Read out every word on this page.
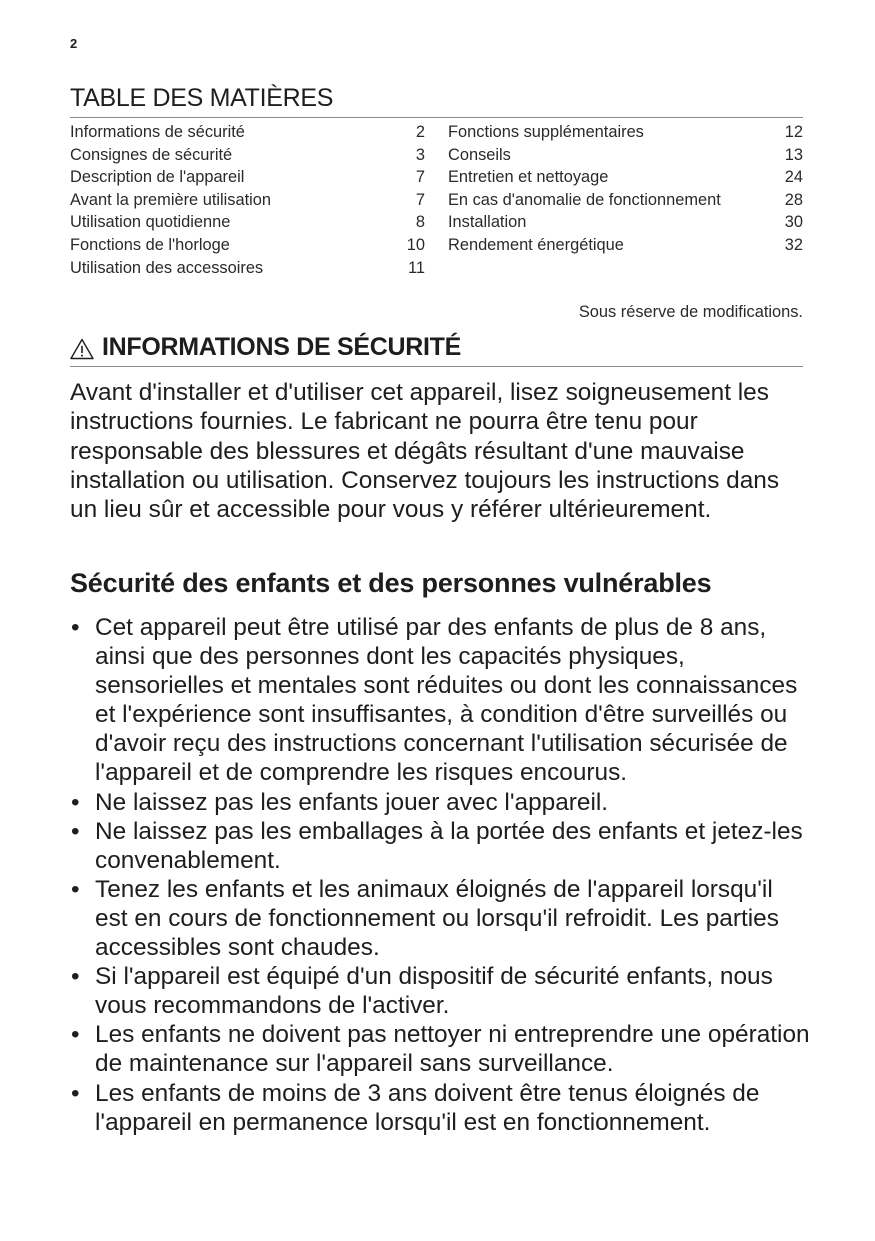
2
TABLE DES MATIÈRES
Informations de sécurité	2
Consignes de sécurité	3
Description de l'appareil	7
Avant la première utilisation	7
Utilisation quotidienne	8
Fonctions de l'horloge	10
Utilisation des accessoires	11
Fonctions supplémentaires	12
Conseils	13
Entretien et nettoyage	24
En cas d'anomalie de fonctionnement	28
Installation	30
Rendement énergétique	32
Sous réserve de modifications.
INFORMATIONS DE SÉCURITÉ

Avant d'installer et d'utiliser cet appareil, lisez soigneusement les instructions fournies. Le fabricant ne pourra être tenu pour responsable des blessures et dégâts résultant d'une mauvaise installation ou utilisation. Conservez toujours les instructions dans un lieu sûr et accessible pour vous y référer ultérieurement.

Sécurité des enfants et des personnes vulnérables
• Cet appareil peut être utilisé par des enfants de plus de 8 ans, ainsi que des personnes dont les capacités physiques, sensorielles et mentales sont réduites ou dont les connaissances et l'expérience sont insuffisantes, à condition d'être surveillés ou d'avoir reçu des instructions concernant l'utilisation sécurisée de l'appareil et de comprendre les risques encourus.
• Ne laissez pas les enfants jouer avec l'appareil.
• Ne laissez pas les emballages à la portée des enfants et jetez-les convenablement.
• Tenez les enfants et les animaux éloignés de l'appareil lorsqu'il est en cours de fonctionnement ou lorsqu'il refroidit. Les parties accessibles sont chaudes.
• Si l'appareil est équipé d'un dispositif de sécurité enfants, nous vous recommandons de l'activer.
• Les enfants ne doivent pas nettoyer ni entreprendre une opération de maintenance sur l'appareil sans surveillance.
• Les enfants de moins de 3 ans doivent être tenus éloignés de l'appareil en permanence lorsqu'il est en fonctionnement.
